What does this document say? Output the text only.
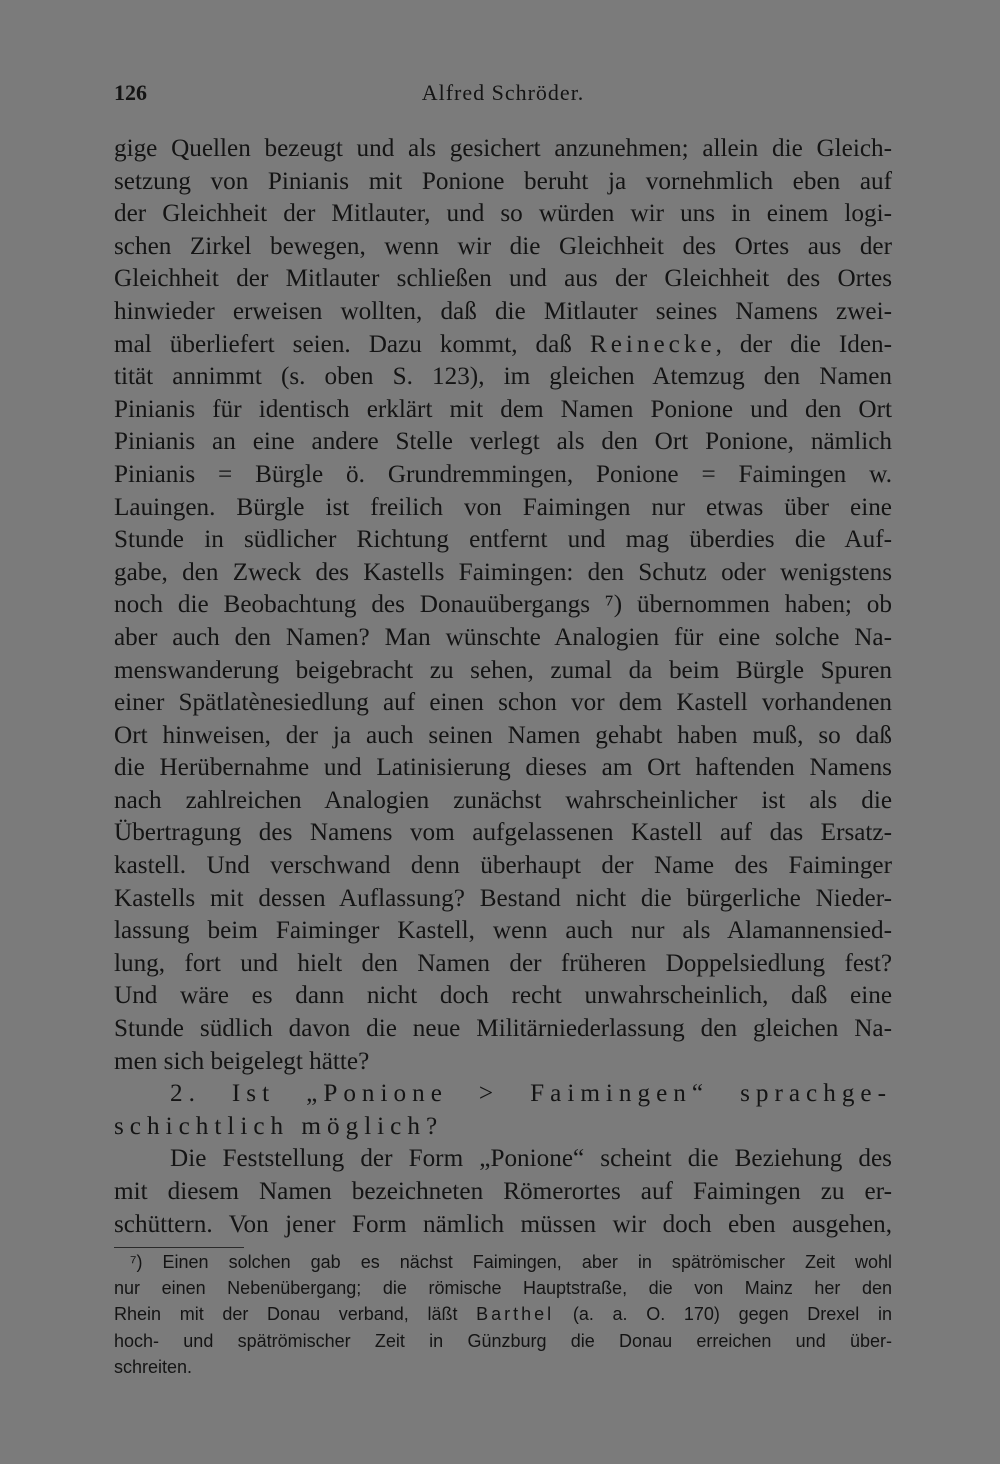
126	Alfred Schröder.
gige Quellen bezeugt und als gesichert anzunehmen; allein die Gleich-
setzung von Pinianis mit Ponione beruht ja vornehmlich eben auf
der Gleichheit der Mitlauter, und so würden wir uns in einem logi-
schen Zirkel bewegen, wenn wir die Gleichheit des Ortes aus der
Gleichheit der Mitlauter schließen und aus der Gleichheit des Ortes
hinwieder erweisen wollten, daß die Mitlauter seines Namens zwei-
mal überliefert seien. Dazu kommt, daß Reinecke, der die Iden-
tität annimmt (s. oben S. 123), im gleichen Atemzug den Namen
Pinianis für identisch erklärt mit dem Namen Ponione und den Ort
Pinianis an eine andere Stelle verlegt als den Ort Ponione, nämlich
Pinianis = Bürgle ö. Grundremmingen, Ponione = Faimingen w.
Lauingen. Bürgle ist freilich von Faimingen nur etwas über eine
Stunde in südlicher Richtung entfernt und mag überdies die Auf-
gabe, den Zweck des Kastells Faimingen: den Schutz oder wenigstens
noch die Beobachtung des Donauübergangs ⁷) übernommen haben; ob
aber auch den Namen? Man wünschte Analogien für eine solche Na-
menswanderung beigebracht zu sehen, zumal da beim Bürgle Spuren
einer Spätlatènesiedlung auf einen schon vor dem Kastell vorhandenen
Ort hinweisen, der ja auch seinen Namen gehabt haben muß, so daß
die Herübernahme und Latinisierung dieses am Ort haftenden Namens
nach zahlreichen Analogien zunächst wahrscheinlicher ist als die
Übertragung des Namens vom aufgelassenen Kastell auf das Ersatz-
kastell. Und verschwand denn überhaupt der Name des Faiminger
Kastells mit dessen Auflassung? Bestand nicht die bürgerliche Nieder-
lassung beim Faiminger Kastell, wenn auch nur als Alamannensied-
lung, fort und hielt den Namen der früheren Doppelsiedlung fest?
Und wäre es dann nicht doch recht unwahrscheinlich, daß eine
Stunde südlich davon die neue Militärniederlassung den gleichen Na-
men sich beigelegt hätte?
2. Ist „Ponione > Faimingen“ sprachge-
schichtlich möglich?
Die Feststellung der Form „Ponione“ scheint die Beziehung des
mit diesem Namen bezeichneten Römerortes auf Faimingen zu er-
schüttern. Von jener Form nämlich müssen wir doch eben ausgehen,
⁷) Einen solchen gab es nächst Faimingen, aber in spätrömischer Zeit wohl
nur einen Nebenübergang; die römische Hauptstraße, die von Mainz her den
Rhein mit der Donau verband, läßt Barthel (a. a. O. 170) gegen Drexel in
hoch- und spätrömischer Zeit in Günzburg die Donau erreichen und über-
schreiten.
